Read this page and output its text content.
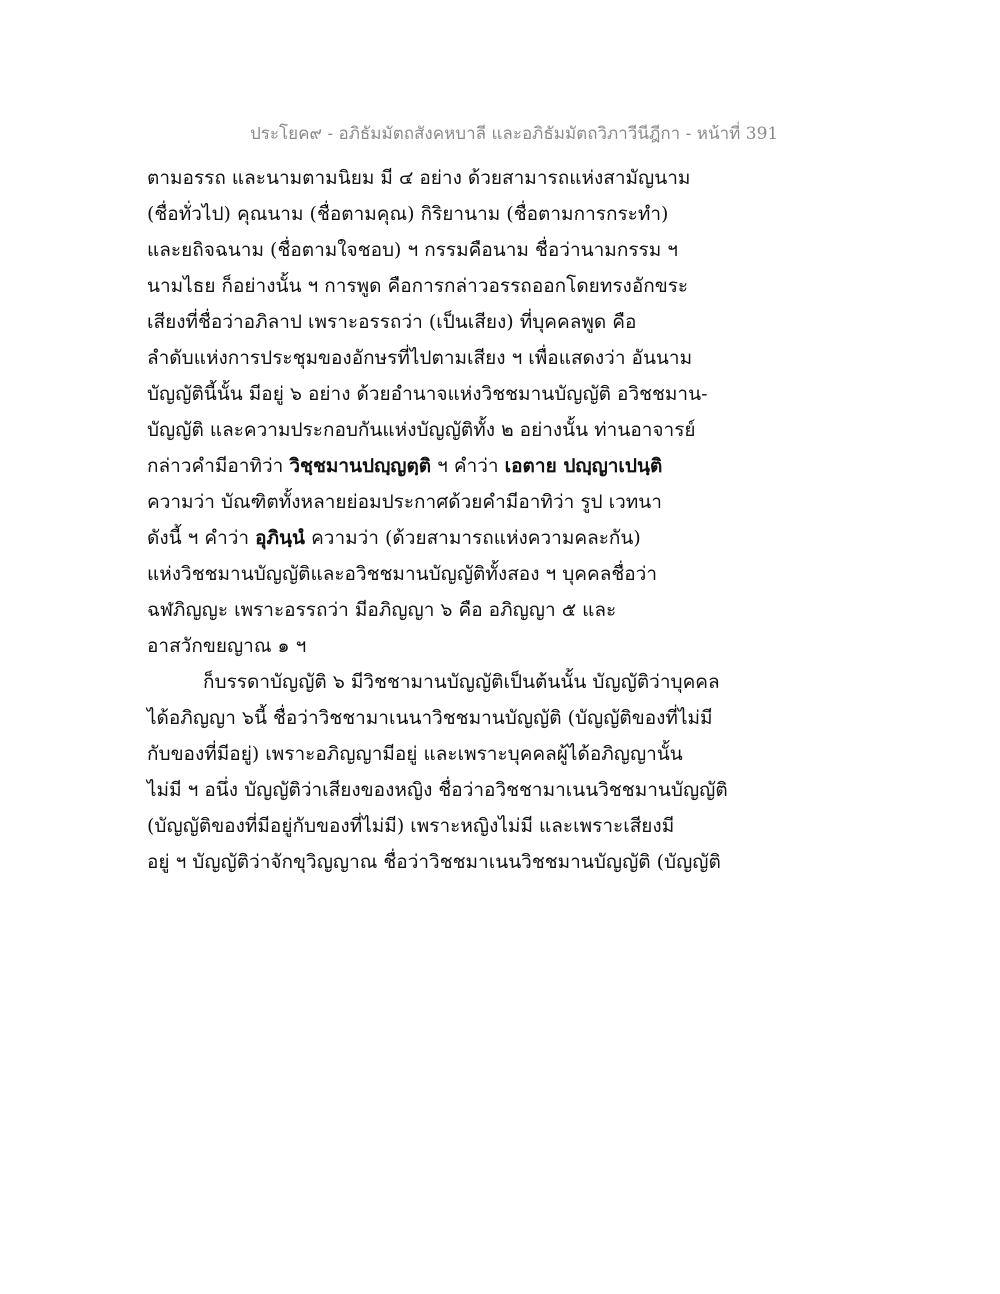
ประโยค๙ - อภิธัมมัตถสังคหบาลี และอภิธัมมัตถวิภาวีนีฎีกา - หน้าที่ 391
ตามอรรถ และนามตามนิยม มี ๔ อย่าง ด้วยสามารถแห่งสามัญนาม
(ชื่อทั่วไป) คุณนาม (ชื่อตามคุณ) กิริยานาม (ชื่อตามการกระทำ)
และยถิจฉนาม (ชื่อตามใจชอบ) ฯ กรรมคือนาม ชื่อว่านามกรรม ฯ
นามไธย ก็อย่างนั้น ฯ การพูด คือการกล่าวอรรถออกโดยทรงอักขระ
เสียงที่ชื่อว่าอภิลาป เพราะอรรถว่า (เป็นเสียง) ที่บุคคลพูด คือ
ลำดับแห่งการประชุมของอักษรที่ไปตามเสียง ฯ เพื่อแสดงว่า อันนาม
บัญญัตินี้นั้น มีอยู่ ๖ อย่าง ด้วยอำนาจแห่งวิชชมานบัญญัติ อวิชชมาน-
บัญญัติ และความประกอบกันแห่งบัญญัติทั้ง ๒ อย่างนั้น ท่านอาจารย์
กล่าวคำมีอาทิว่า วิชฺชมานปญฺญตฺติ ฯ คำว่า เอตาย ปญฺญาเปนฺติ
ความว่า บัณฑิตทั้งหลายย่อมประกาศด้วยคำมีอาทิว่า รูป เวทนา
ดังนี้ ฯ คำว่า อุภินฺนํ ความว่า (ด้วยสามารถแห่งความคละกัน)
แห่งวิชชมานบัญญัติและอวิชชมานบัญญัติทั้งสอง ฯ บุคคลชื่อว่า
ฉฬภิญญะ เพราะอรรถว่า มีอภิญญา ๖ คือ อภิญญา ๕ และ
อาสวักขยญาณ ๑ ฯ
ก็บรรดาบัญญัติ ๖ มีวิชชามานบัญญัติเป็นต้นนั้น บัญญัติว่าบุคคล
ได้อภิญญา ๖นี้ ชื่อว่าวิชชามาเนนาวิชชมานบัญญัติ (บัญญัติของที่ไม่มี
กับของที่มีอยู่) เพราะอภิญญามีอยู่ และเพราะบุคคลผู้ได้อภิญญานั้น
ไม่มี ฯ อนึ่ง บัญญัติว่าเสียงของหญิง ชื่อว่าอวิชชามาเนนวิชชมานบัญญัติ
(บัญญัติของที่มีอยู่กับของที่ไม่มี) เพราะหญิงไม่มี และเพราะเสียงมี
อยู่ ฯ บัญญัติว่าจักขุวิญญาณ ชื่อว่าวิชชมาเนนวิชชมานบัญญัติ (บัญญัติ
